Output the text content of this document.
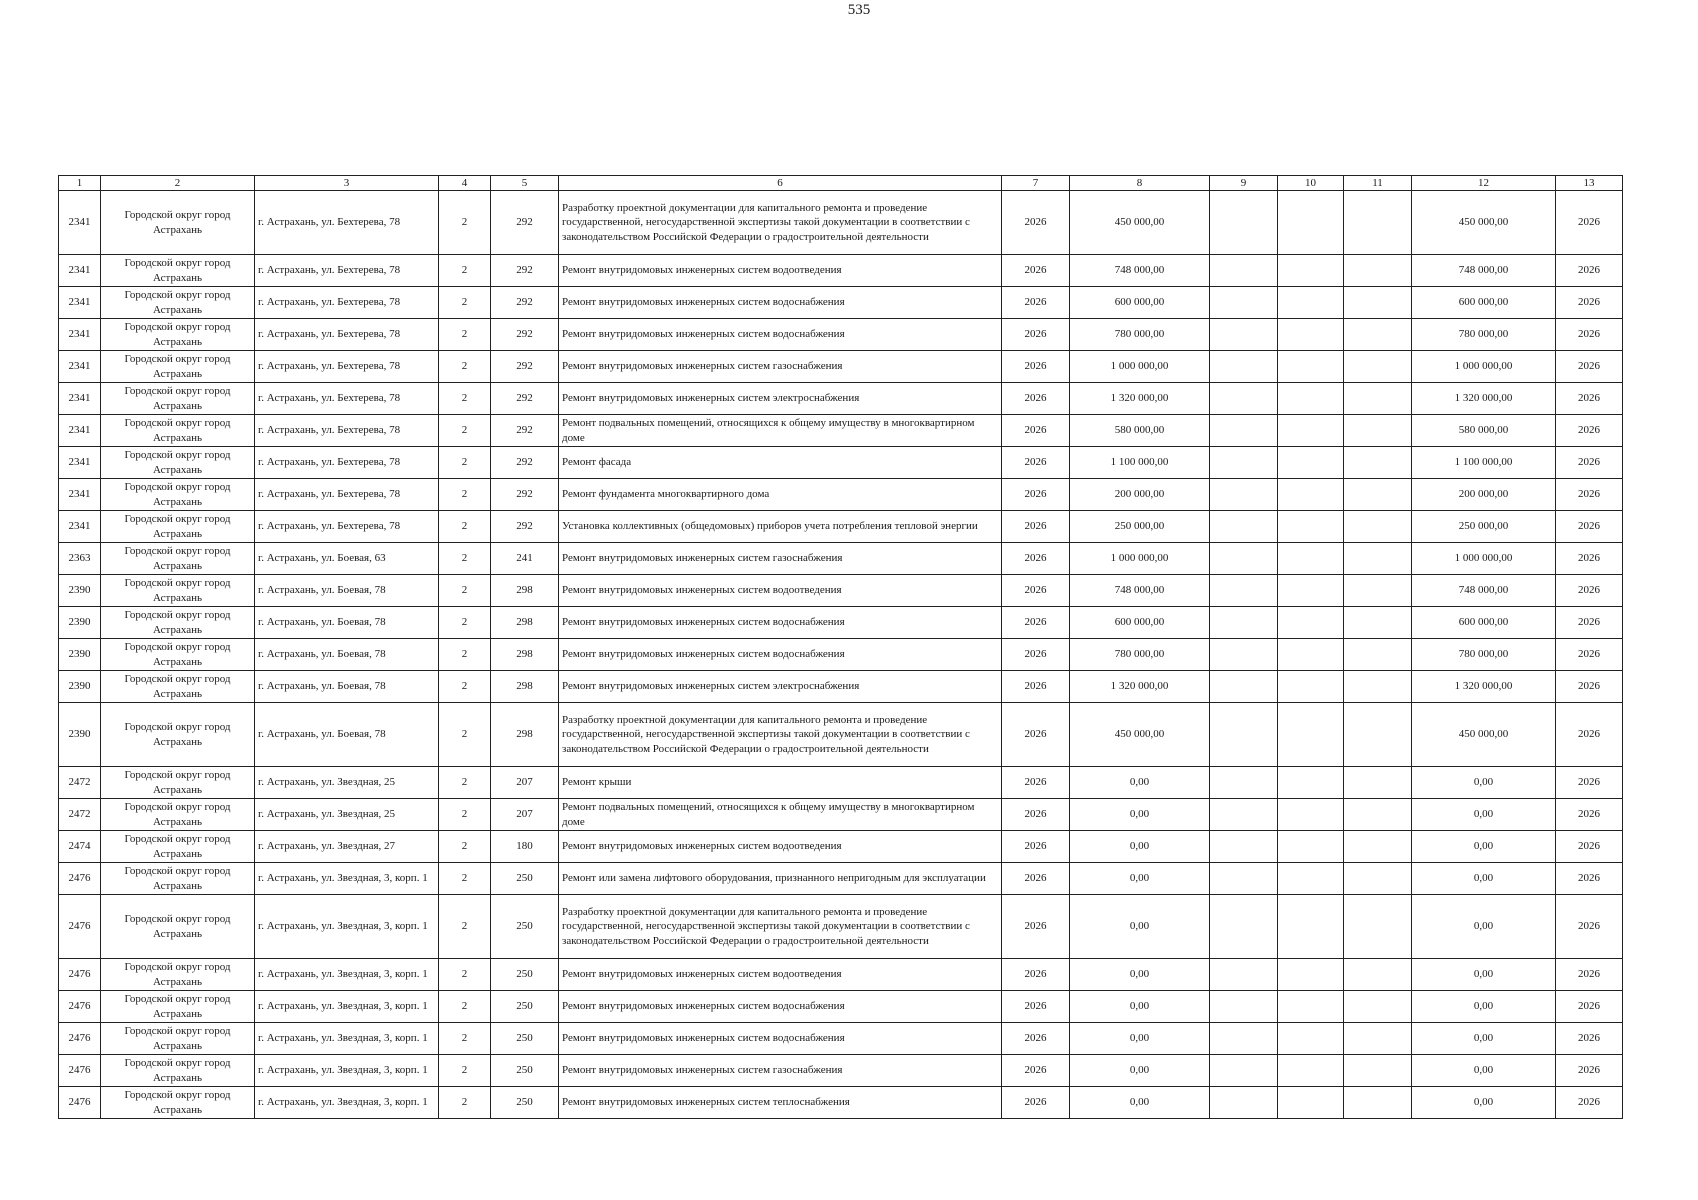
535
1	2	3	4	5	6	7	8	9	10	11	12	13
2341	Городской округ город Астрахань	г. Астрахань, ул. Бехтерева, 78	2	292	Разработку проектной документации для капитального ремонта и проведение государственной, негосударственной экспертизы такой документации в соответствии с законодательством Российской Федерации о градостроительной деятельности	2026	450 000,00				450 000,00	2026
2341	Городской округ город Астрахань	г. Астрахань, ул. Бехтерева, 78	2	292	Ремонт внутридомовых инженерных систем водоотведения	2026	748 000,00				748 000,00	2026
2341	Городской округ город Астрахань	г. Астрахань, ул. Бехтерева, 78	2	292	Ремонт внутридомовых инженерных систем водоснабжения	2026	600 000,00				600 000,00	2026
2341	Городской округ город Астрахань	г. Астрахань, ул. Бехтерева, 78	2	292	Ремонт внутридомовых инженерных систем водоснабжения	2026	780 000,00				780 000,00	2026
2341	Городской округ город Астрахань	г. Астрахань, ул. Бехтерева, 78	2	292	Ремонт внутридомовых инженерных систем газоснабжения	2026	1 000 000,00				1 000 000,00	2026
2341	Городской округ город Астрахань	г. Астрахань, ул. Бехтерева, 78	2	292	Ремонт внутридомовых инженерных систем электроснабжения	2026	1 320 000,00				1 320 000,00	2026
2341	Городской округ город Астрахань	г. Астрахань, ул. Бехтерева, 78	2	292	Ремонт подвальных помещений, относящихся к общему имуществу в многоквартирном доме	2026	580 000,00				580 000,00	2026
2341	Городской округ город Астрахань	г. Астрахань, ул. Бехтерева, 78	2	292	Ремонт фасада	2026	1 100 000,00				1 100 000,00	2026
2341	Городской округ город Астрахань	г. Астрахань, ул. Бехтерева, 78	2	292	Ремонт фундамента многоквартирного дома	2026	200 000,00				200 000,00	2026
2341	Городской округ город Астрахань	г. Астрахань, ул. Бехтерева, 78	2	292	Установка коллективных (общедомовых) приборов учета потребления тепловой энергии	2026	250 000,00				250 000,00	2026
2363	Городской округ город Астрахань	г. Астрахань, ул. Боевая, 63	2	241	Ремонт внутридомовых инженерных систем газоснабжения	2026	1 000 000,00				1 000 000,00	2026
2390	Городской округ город Астрахань	г. Астрахань, ул. Боевая, 78	2	298	Ремонт внутридомовых инженерных систем водоотведения	2026	748 000,00				748 000,00	2026
2390	Городской округ город Астрахань	г. Астрахань, ул. Боевая, 78	2	298	Ремонт внутридомовых инженерных систем водоснабжения	2026	600 000,00				600 000,00	2026
2390	Городской округ город Астрахань	г. Астрахань, ул. Боевая, 78	2	298	Ремонт внутридомовых инженерных систем водоснабжения	2026	780 000,00				780 000,00	2026
2390	Городской округ город Астрахань	г. Астрахань, ул. Боевая, 78	2	298	Ремонт внутридомовых инженерных систем электроснабжения	2026	1 320 000,00				1 320 000,00	2026
2390	Городской округ город Астрахань	г. Астрахань, ул. Боевая, 78	2	298	Разработку проектной документации для капитального ремонта и проведение государственной, негосударственной экспертизы такой документации в соответствии с законодательством Российской Федерации о градостроительной деятельности	2026	450 000,00				450 000,00	2026
2472	Городской округ город Астрахань	г. Астрахань, ул. Звездная, 25	2	207	Ремонт крыши	2026	0,00				0,00	2026
2472	Городской округ город Астрахань	г. Астрахань, ул. Звездная, 25	2	207	Ремонт подвальных помещений, относящихся к общему имуществу в многоквартирном доме	2026	0,00				0,00	2026
2474	Городской округ город Астрахань	г. Астрахань, ул. Звездная, 27	2	180	Ремонт внутридомовых инженерных систем водоотведения	2026	0,00				0,00	2026
2476	Городской округ город Астрахань	г. Астрахань, ул. Звездная, 3, корп. 1	2	250	Ремонт или замена лифтового оборудования, признанного непригодным для эксплуатации	2026	0,00				0,00	2026
2476	Городской округ город Астрахань	г. Астрахань, ул. Звездная, 3, корп. 1	2	250	Разработку проектной документации для капитального ремонта и проведение государственной, негосударственной экспертизы такой документации в соответствии с законодательством Российской Федерации о градостроительной деятельности	2026	0,00				0,00	2026
2476	Городской округ город Астрахань	г. Астрахань, ул. Звездная, 3, корп. 1	2	250	Ремонт внутридомовых инженерных систем водоотведения	2026	0,00				0,00	2026
2476	Городской округ город Астрахань	г. Астрахань, ул. Звездная, 3, корп. 1	2	250	Ремонт внутридомовых инженерных систем водоснабжения	2026	0,00				0,00	2026
2476	Городской округ город Астрахань	г. Астрахань, ул. Звездная, 3, корп. 1	2	250	Ремонт внутридомовых инженерных систем водоснабжения	2026	0,00				0,00	2026
2476	Городской округ город Астрахань	г. Астрахань, ул. Звездная, 3, корп. 1	2	250	Ремонт внутридомовых инженерных систем газоснабжения	2026	0,00				0,00	2026
2476	Городской округ город Астрахань	г. Астрахань, ул. Звездная, 3, корп. 1	2	250	Ремонт внутридомовых инженерных систем теплоснабжения	2026	0,00				0,00	2026
